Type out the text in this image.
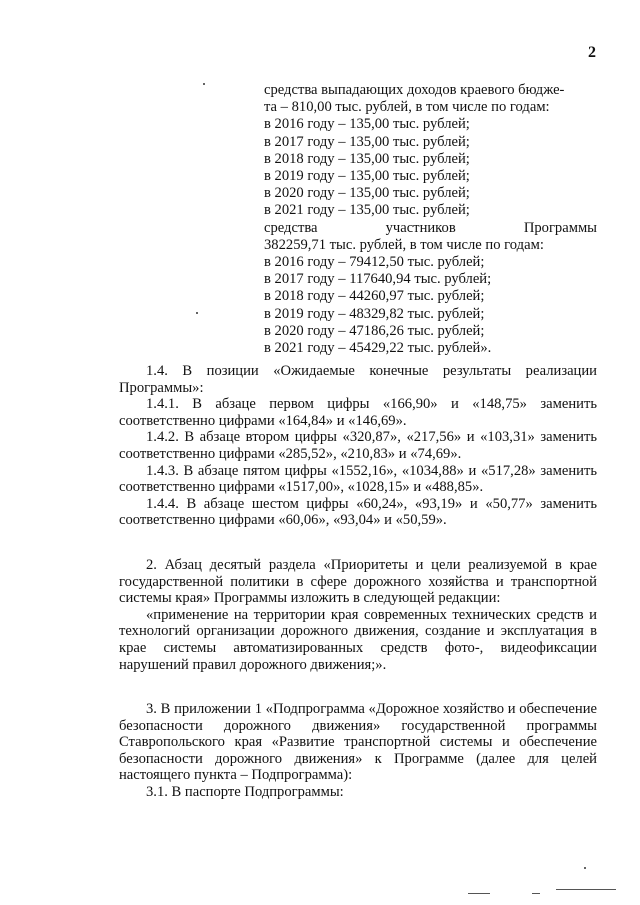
2
средства выпадающих доходов краевого бюдже-
та – 810,00 тыс. рублей, в том числе по годам:
в 2016 году – 135,00 тыс. рублей;
в 2017 году – 135,00 тыс. рублей;
в 2018 году – 135,00 тыс. рублей;
в 2019 году – 135,00 тыс. рублей;
в 2020 году – 135,00 тыс. рублей;
в 2021 году – 135,00 тыс. рублей;
средства	участников	Программы
382259,71 тыс. рублей, в том числе по годам:
в 2016 году – 79412,50 тыс. рублей;
в 2017 году – 117640,94 тыс. рублей;
в 2018 году – 44260,97 тыс. рублей;
в 2019 году – 48329,82 тыс. рублей;
в 2020 году – 47186,26 тыс. рублей;
в 2021 году – 45429,22 тыс. рублей».

1.4. В позиции «Ожидаемые конечные результаты реализации Программы»:

1.4.1. В абзаце первом цифры «166,90» и «148,75» заменить соответственно цифрами «164,84» и «146,69».

1.4.2. В абзаце втором цифры «320,87», «217,56» и «103,31» заменить соответственно цифрами «285,52», «210,83» и «74,69».

1.4.3. В абзаце пятом цифры «1552,16», «1034,88» и «517,28» заменить соответственно цифрами «1517,00», «1028,15» и «488,85».

1.4.4. В абзаце шестом цифры «60,24», «93,19» и «50,77» заменить соответственно цифрами «60,06», «93,04» и «50,59».

2. Абзац десятый раздела «Приоритеты и цели реализуемой в крае государственной политики в сфере дорожного хозяйства и транспортной системы края» Программы изложить в следующей редакции:

«применение на территории края современных технических средств и технологий организации дорожного движения, создание и эксплуатация в крае системы автоматизированных средств фото-, видеофиксации нарушений правил дорожного движения;».

3. В приложении 1 «Подпрограмма «Дорожное хозяйство и обеспечение безопасности дорожного движения» государственной программы Ставропольского края «Развитие транспортной системы и обеспечение безопасности дорожного движения» к Программе (далее для целей настоящего пункта – Подпрограмма):

3.1. В паспорте Подпрограммы:
